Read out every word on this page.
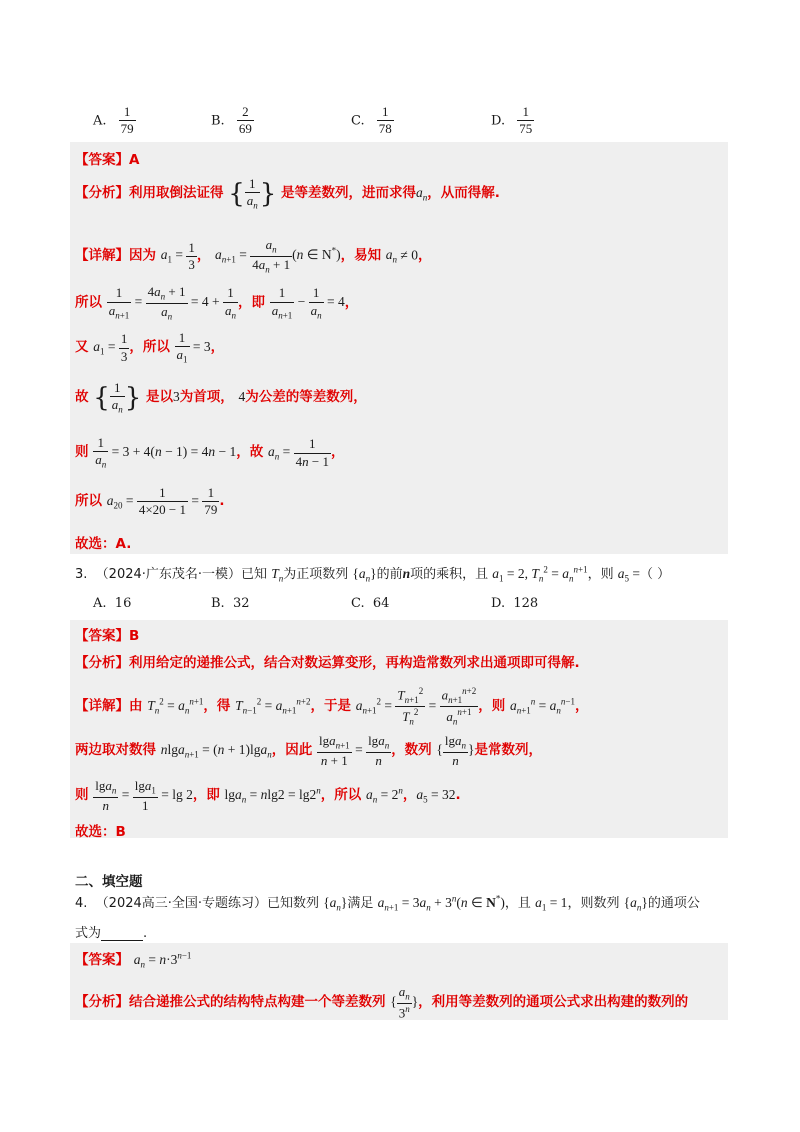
A. $\frac{1}{79}$	B. $\frac{2}{69}$	C. $\frac{1}{78}$	D. $\frac{1}{75}$
【答案】A
【分析】利用取倒法证得 { $\frac{1}{a_n}$ } 是等差数列，进而求得$a_n$，从而得解.
【详解】因为 $a_1 = \frac{1}{3}$ ， $a_{n+1} = \frac{a_n}{4a_n + 1} (n$ ∈ N*)，易知 $a_n \ne 0$，
所以 $\frac{1}{a_{n+1}} = \frac{4a_n + 1}{a_n} = 4 + \frac{1}{a_n}$ ，即 $\frac{1}{a_{n+1}} - \frac{1}{a_n} = 4$，
又 $a_1 = \frac{1}{3}$ ，所以 $\frac{1}{a_1} = 3$，
故 { $\frac{1}{a_n}$ } 是以3为首项， 4为公差的等差数列，
则 $\frac{1}{a_n} = 3 + 4(n - 1) = 4n - 1$，故 $a_n = \frac{1}{4n - 1}$ ，
所以 $a_{20} = \frac{1}{4\times 20 - 1} = \frac{1}{79}$ .
故选：A.
3. （2024·广东茂名·一模）已知 $T_n$为正项数列 $\{a_n\}$的前n项的乘积，且 $a_1 = 2$, $T_n^2 = a_n^{n+1}$，则 $a_5$ =（ ）
A. 16	B. 32	C. 64	D. 128
【答案】B
【分析】利用给定的递推公式，结合对数运算变形，再构造常数列求出通项即可得解.
【详解】由 $T_n^2 = a_n^{n+1}$，得 $T_{n-1}^2 = a_{n+1}^{n+2}$，于是 $a_{n+1}^2 = \frac{T_{n+1}^2}{T_n^2} = \frac{a_{n+1}^{n+2}}{a_n^{n+1}}$ ，则 $a_{n+1}^n = a_n^{n-1}$，
两边取对数得 nlga$_{n+1}$ = (n + 1)lga$_n$，因此 $\frac{\lg a_{n+1}}{n + 1} = \frac{\lg a_n}{n}$ ，数列 { $\frac{\lg a_n}{n}$ }是常数列，
则 $\frac{\lg a_n}{n} = \frac{\lg a_1}{1} = \lg 2$，即 $\lg a_n = nlg2 = \lg 2^n$，所以 $a_n = 2^n$，$a_5 = 32$.
故选：B
二、填空题
4. （2024高三·全国·专题练习）已知数列 $\{a_n\}$满足 $a_{n+1} = 3a_n + 3^n(n$ ∈ N*)，且 $a_1 = 1$，则数列 $\{a_n\}$的通项公
式为	.
【答案】 $a_n = n\cdot 3^{n-1}$
【分析】结合递推公式的结构特点构建一个等差数列 { $\frac{a_n}{3^n}$ }，利用等差数列的通项公式求出构建的数列的
